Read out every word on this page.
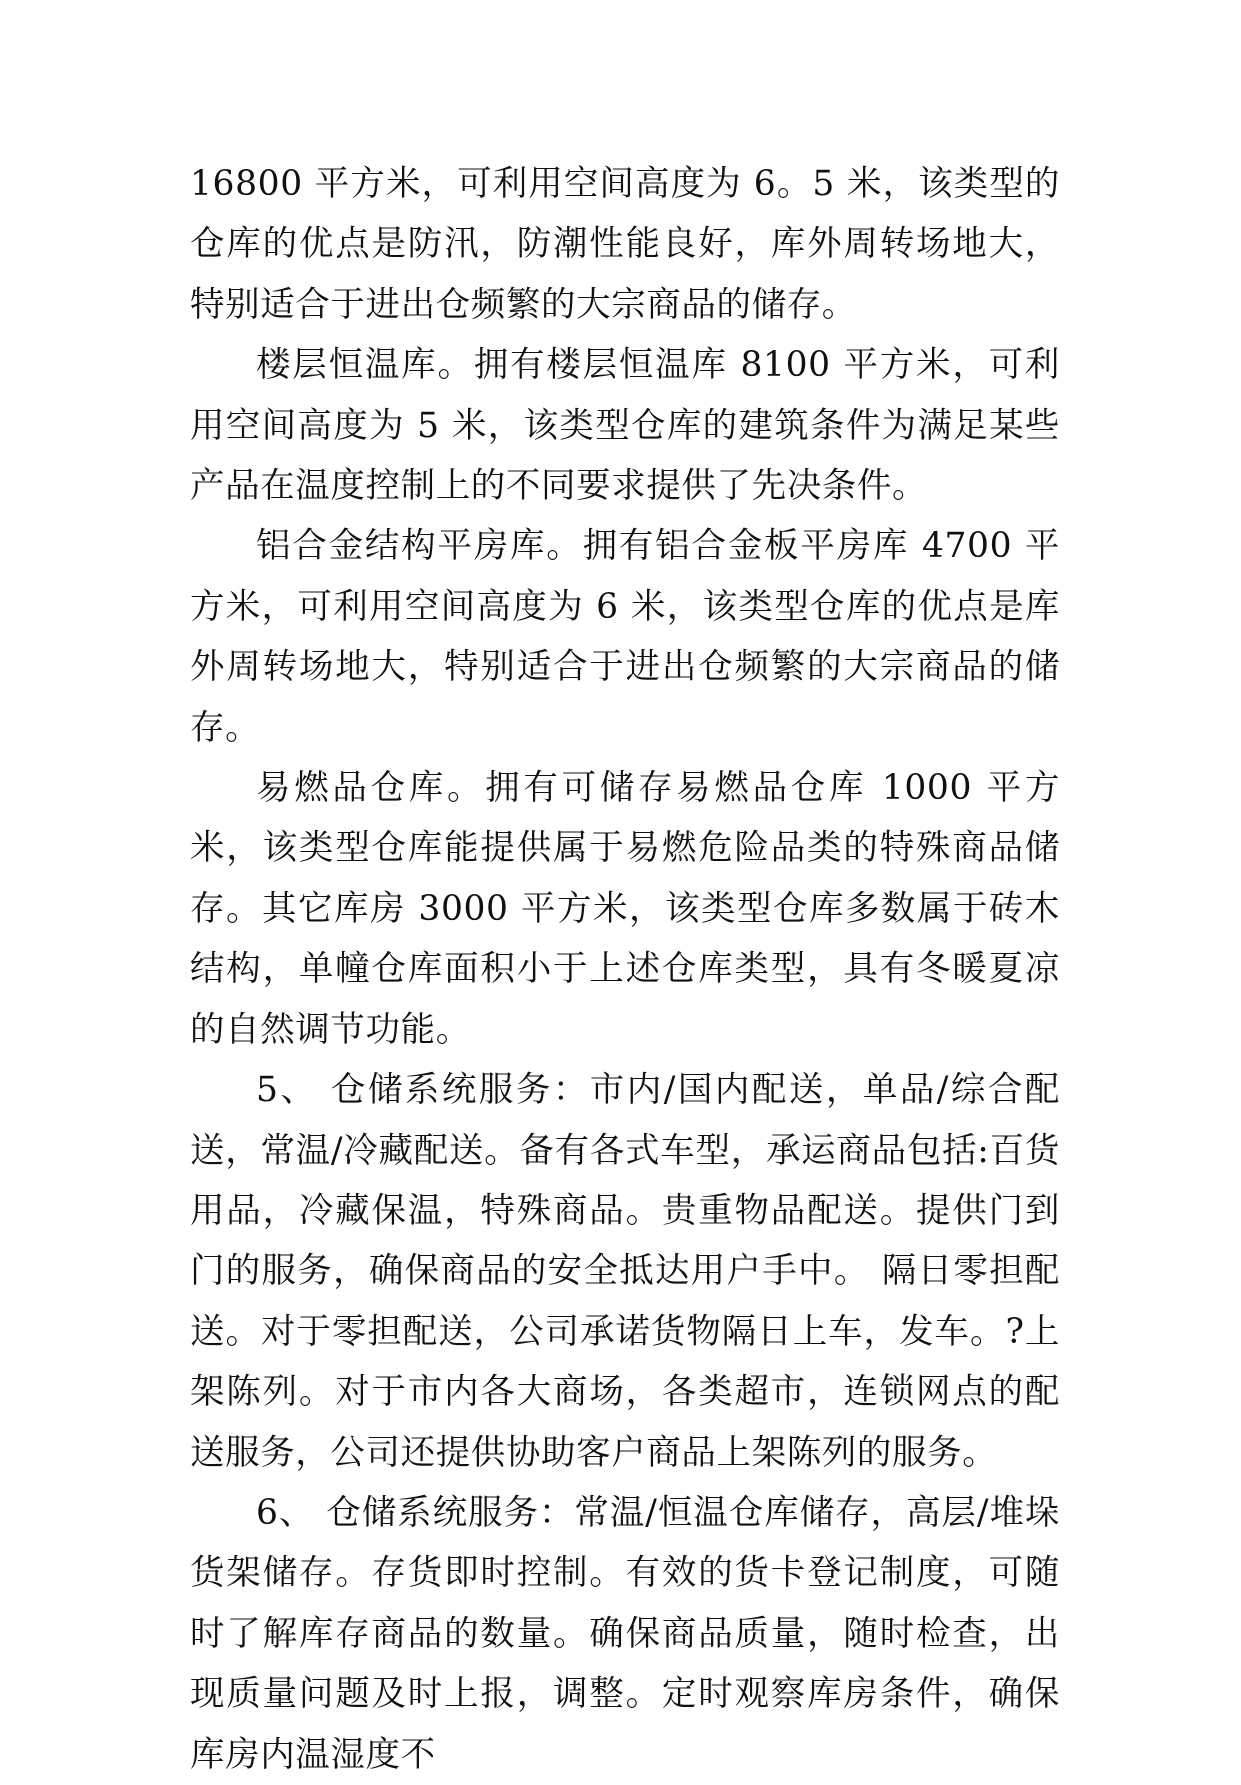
16800 平方米，可利用空间高度为 6。5 米，该类型的仓库的优点是防汛，防潮性能良好，库外周转场地大，特别适合于进出仓频繁的大宗商品的储存。

楼层恒温库。拥有楼层恒温库 8100 平方米，可利用空间高度为 5 米，该类型仓库的建筑条件为满足某些产品在温度控制上的不同要求提供了先决条件。

铝合金结构平房库。拥有铝合金板平房库 4700 平方米，可利用空间高度为 6 米，该类型仓库的优点是库外周转场地大，特别适合于进出仓频繁的大宗商品的储存。

易燃品仓库。拥有可储存易燃品仓库 1000 平方米，该类型仓库能提供属于易燃危险品类的特殊商品储存。其它库房 3000 平方米，该类型仓库多数属于砖木结构，单幢仓库面积小于上述仓库类型，具有冬暖夏凉的自然调节功能。

5、 仓储系统服务：市内/国内配送，单品/综合配送，常温/冷藏配送。备有各式车型，承运商品包括:百货用品，冷藏保温，特殊商品。贵重物品配送。提供门到门的服务，确保商品的安全抵达用户手中。 隔日零担配送。对于零担配送，公司承诺货物隔日上车，发车。?上架陈列。对于市内各大商场，各类超市，连锁网点的配送服务，公司还提供协助客户商品上架陈列的服务。

6、 仓储系统服务：常温/恒温仓库储存，高层/堆垛货架储存。存货即时控制。有效的货卡登记制度，可随时了解库存商品的数量。确保商品质量，随时检查，出现质量问题及时上报，调整。定时观察库房条件，确保库房内温湿度不
